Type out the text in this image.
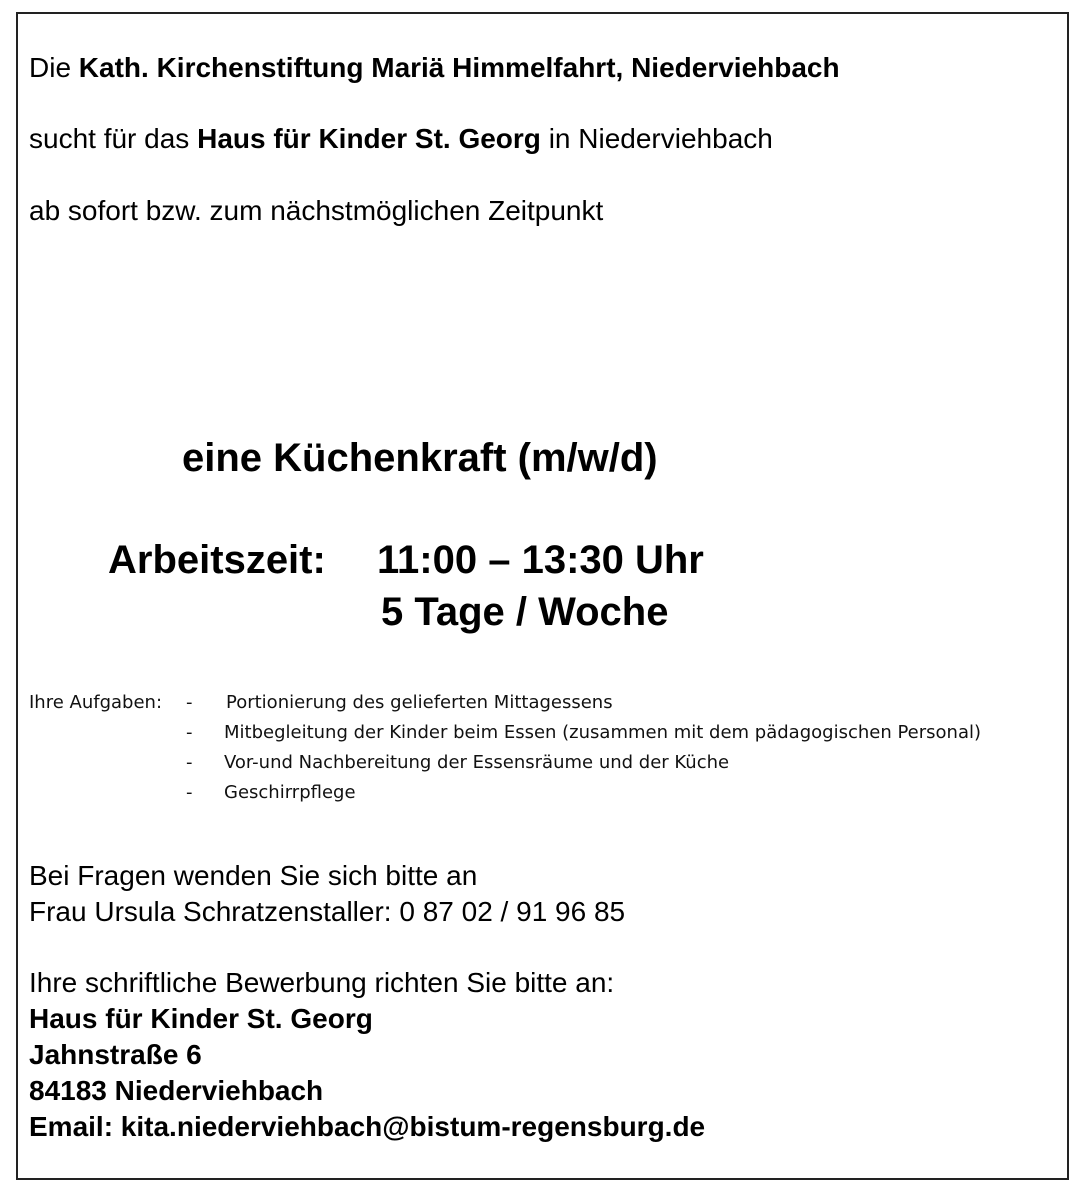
Die Kath. Kirchenstiftung Mariä Himmelfahrt, Niederviehbach
sucht für das Haus für Kinder St. Georg in Niederviehbach
ab sofort bzw. zum nächstmöglichen Zeitpunkt
eine Küchenkraft (m/w/d)
Arbeitszeit: 11:00 – 13:30 Uhr
5 Tage / Woche
Ihre Aufgaben: - Portionierung des gelieferten Mittagessens
- Mitbegleitung der Kinder beim Essen (zusammen mit dem pädagogischen Personal)
- Vor-und Nachbereitung der Essensräume und der Küche
- Geschirrpflege
Bei Fragen wenden Sie sich bitte an
Frau Ursula Schratzenstaller: 0 87 02 / 91 96 85
Ihre schriftliche Bewerbung richten Sie bitte an:
Haus für Kinder St. Georg
Jahnstraße 6
84183 Niederviehbach
Email: kita.niederviehbach@bistum-regensburg.de
